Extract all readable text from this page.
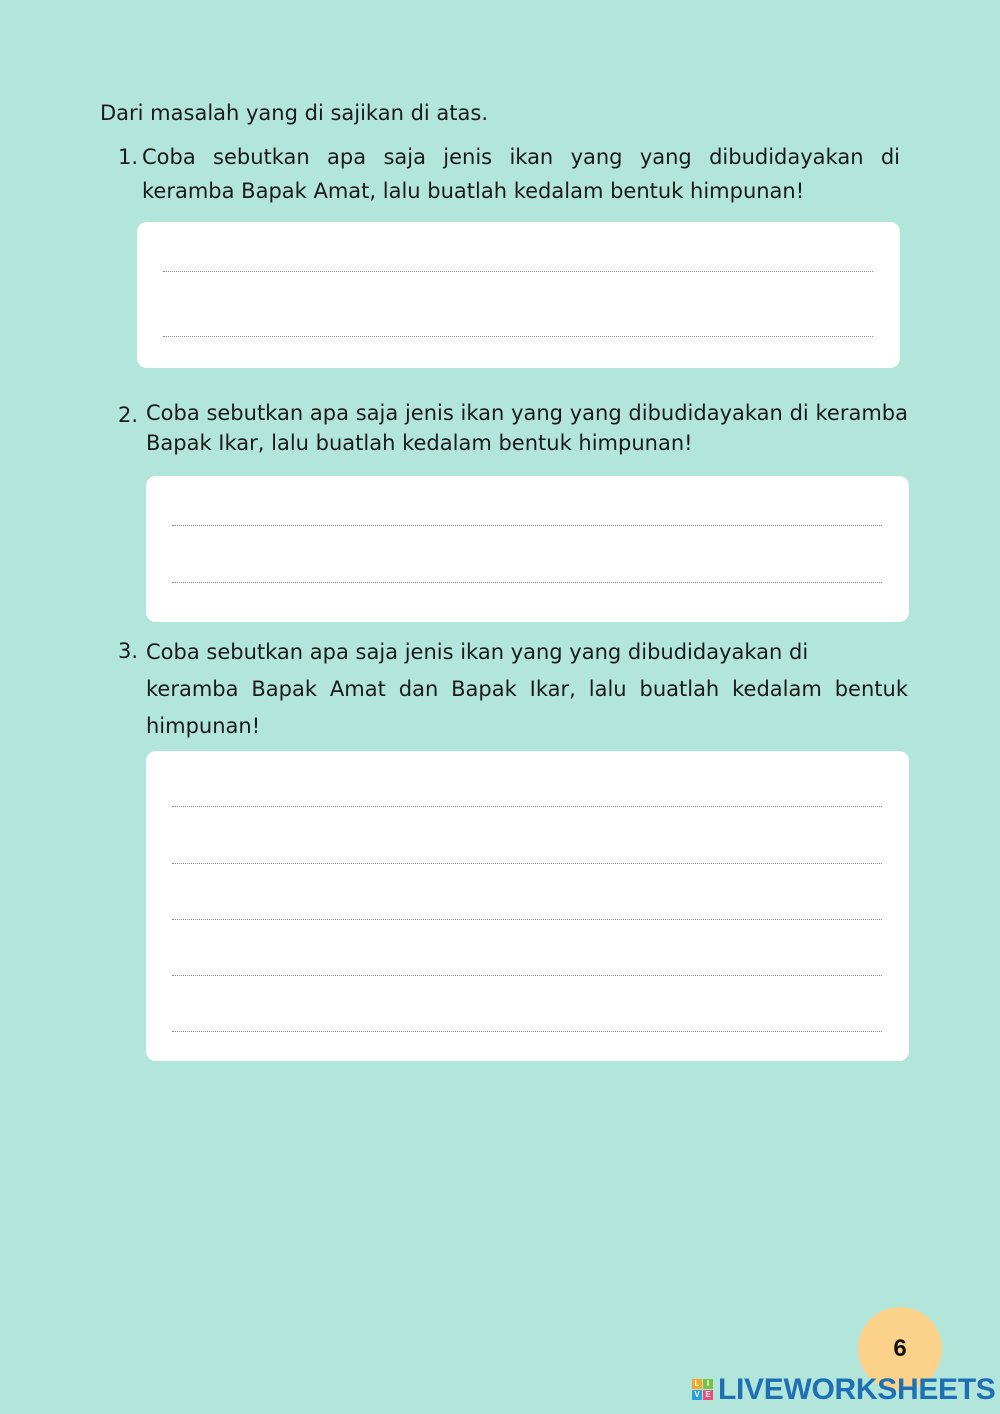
Dari masalah yang di sajikan di atas.

1. Coba sebutkan apa saja jenis ikan yang yang dibudidayakan di keramba Bapak Amat, lalu buatlah kedalam bentuk himpunan!
2. Coba sebutkan apa saja jenis ikan yang yang dibudidayakan di keramba Bapak Ikar, lalu buatlah kedalam bentuk himpunan!
3. Coba sebutkan apa saja jenis ikan yang yang dibudidayakan di
keramba Bapak Amat dan Bapak Ikar, lalu buatlah kedalam bentuk himpunan!
6
L I
V E LIVEWORKSHEETS
